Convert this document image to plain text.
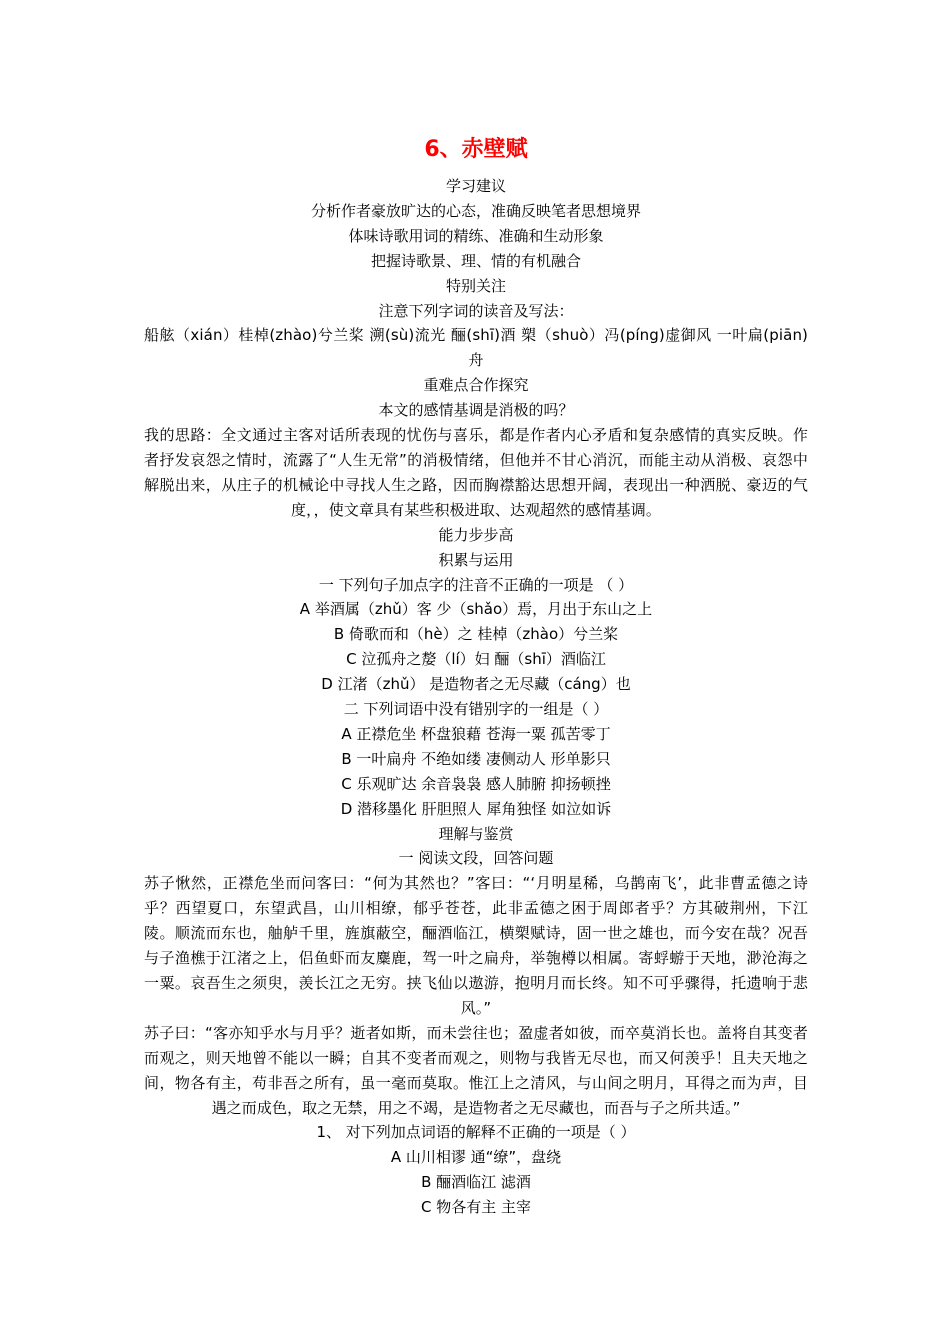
6、赤壁赋
学习建议
分析作者豪放旷达的心态，准确反映笔者思想境界
体味诗歌用词的精练、准确和生动形象
把握诗歌景、理、情的有机融合
特别关注
注意下列字词的读音及写法：
船舷（xián）桂棹(zhào)兮兰桨 溯(sù)流光 酾(shī)酒 槊（shuò）冯(píng)虚御风 一叶扁(piān)舟
重难点合作探究
本文的感情基调是消极的吗？
我的思路：全文通过主客对话所表现的忧伤与喜乐，都是作者内心矛盾和复杂感情的真实反映。作者抒发哀怨之情时，流露了“人生无常”的消极情绪，但他并不甘心消沉，而能主动从消极、哀怨中解脱出来，从庄子的机械论中寻找人生之路，因而胸襟豁达思想开阔，表现出一种洒脱、豪迈的气度，，使文章具有某些积极进取、达观超然的感情基调。
能力步步高
积累与运用
一 下列句子加点字的注音不正确的一项是 （ ）
A 举酒属（zhǔ）客 少（shǎo）焉，月出于东山之上
B 倚歌而和（hè）之 桂棹（zhào）兮兰桨
C 泣孤舟之嫠（lí）妇 酾（shī）酒临江
D 江渚（zhǔ） 是造物者之无尽藏（cáng）也
二 下列词语中没有错别字的一组是（ ）
A 正襟危坐 杯盘狼藉 苍海一粟 孤苦零丁
B 一叶扁舟 不绝如缕 凄侧动人 形单影只
C 乐观旷达 余音袅袅 感人肺腑 抑扬顿挫
D 潜移墨化 肝胆照人 犀角独怪 如泣如诉
理解与鉴赏
一 阅读文段，回答问题
苏子愀然，正襟危坐而问客曰：“何为其然也？”客曰：“‘月明星稀，乌鹊南飞’，此非曹孟德之诗乎？西望夏口，东望武昌，山川相缭，郁乎苍苍，此非孟德之困于周郎者乎？方其破荆州，下江陵。顺流而东也，舳舻千里，旌旗蔽空，酾酒临江，横槊赋诗，固一世之雄也，而今安在哉？况吾与子渔樵于江渚之上，侣鱼虾而友麋鹿，驾一叶之扁舟，举匏樽以相属。寄蜉蝣于天地，渺沧海之一粟。哀吾生之须臾，羡长江之无穷。挟飞仙以遨游，抱明月而长终。知不可乎骤得，托遗响于悲风。”
苏子曰：“客亦知乎水与月乎？逝者如斯，而未尝往也；盈虚者如彼，而卒莫消长也。盖将自其变者而观之，则天地曾不能以一瞬；自其不变者而观之，则物与我皆无尽也，而又何羡乎！且夫天地之间，物各有主，苟非吾之所有，虽一毫而莫取。惟江上之清风，与山间之明月，耳得之而为声，目遇之而成色，取之无禁，用之不竭，是造物者之无尽藏也，而吾与子之所共适。”
1、 对下列加点词语的解释不正确的一项是（ ）
A 山川相谬 通“缭”，盘绕
B 酾酒临江 滤酒
C 物各有主 主宰
